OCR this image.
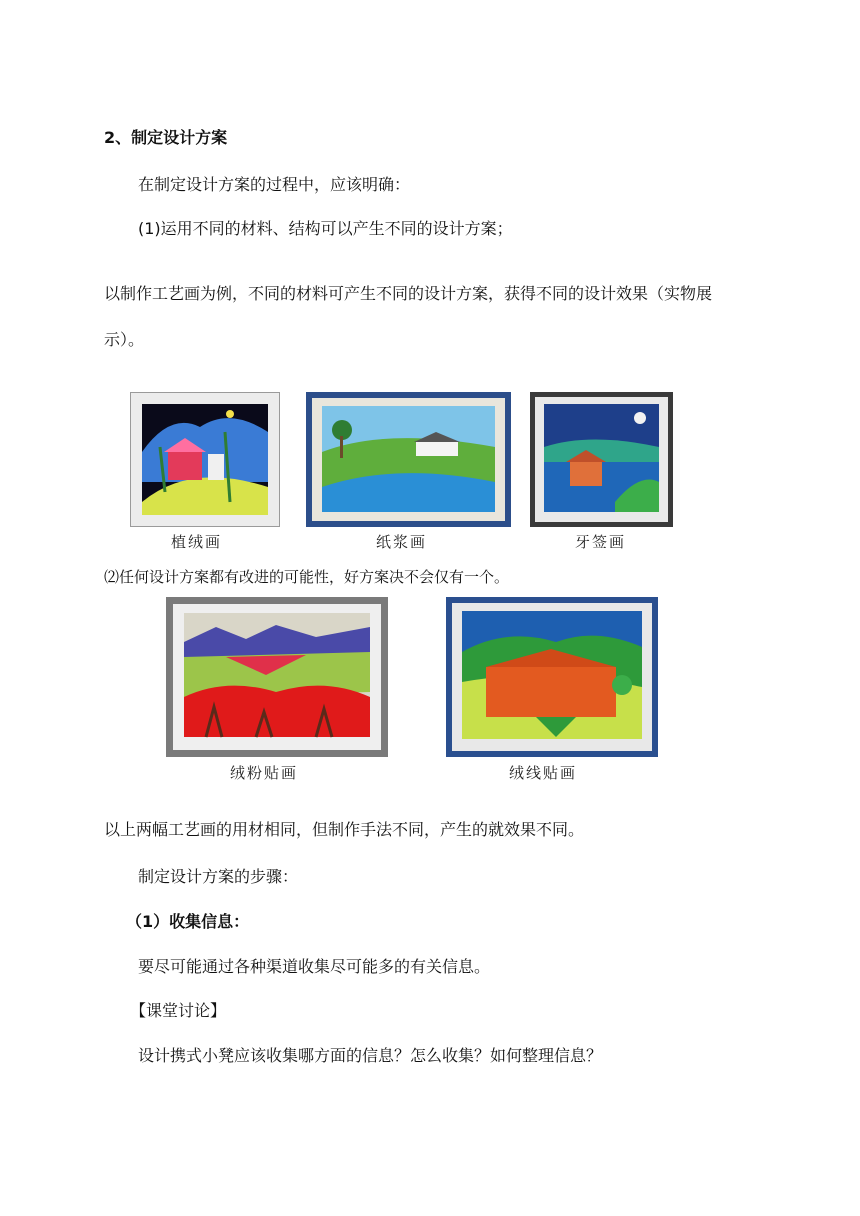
2、制定设计方案
在制定设计方案的过程中，应该明确：
(1)运用不同的材料、结构可以产生不同的设计方案；
以制作工艺画为例，不同的材料可产生不同的设计方案，获得不同的设计效果（实物展
示）。
植绒画	纸浆画	牙签画
⑵任何设计方案都有改进的可能性，好方案决不会仅有一个。
绒粉贴画	绒线贴画
以上两幅工艺画的用材相同，但制作手法不同，产生的就效果不同。
制定设计方案的步骤：
（1）收集信息：
要尽可能通过各种渠道收集尽可能多的有关信息。
【课堂讨论】
设计携式小凳应该收集哪方面的信息？怎么收集？如何整理信息？
